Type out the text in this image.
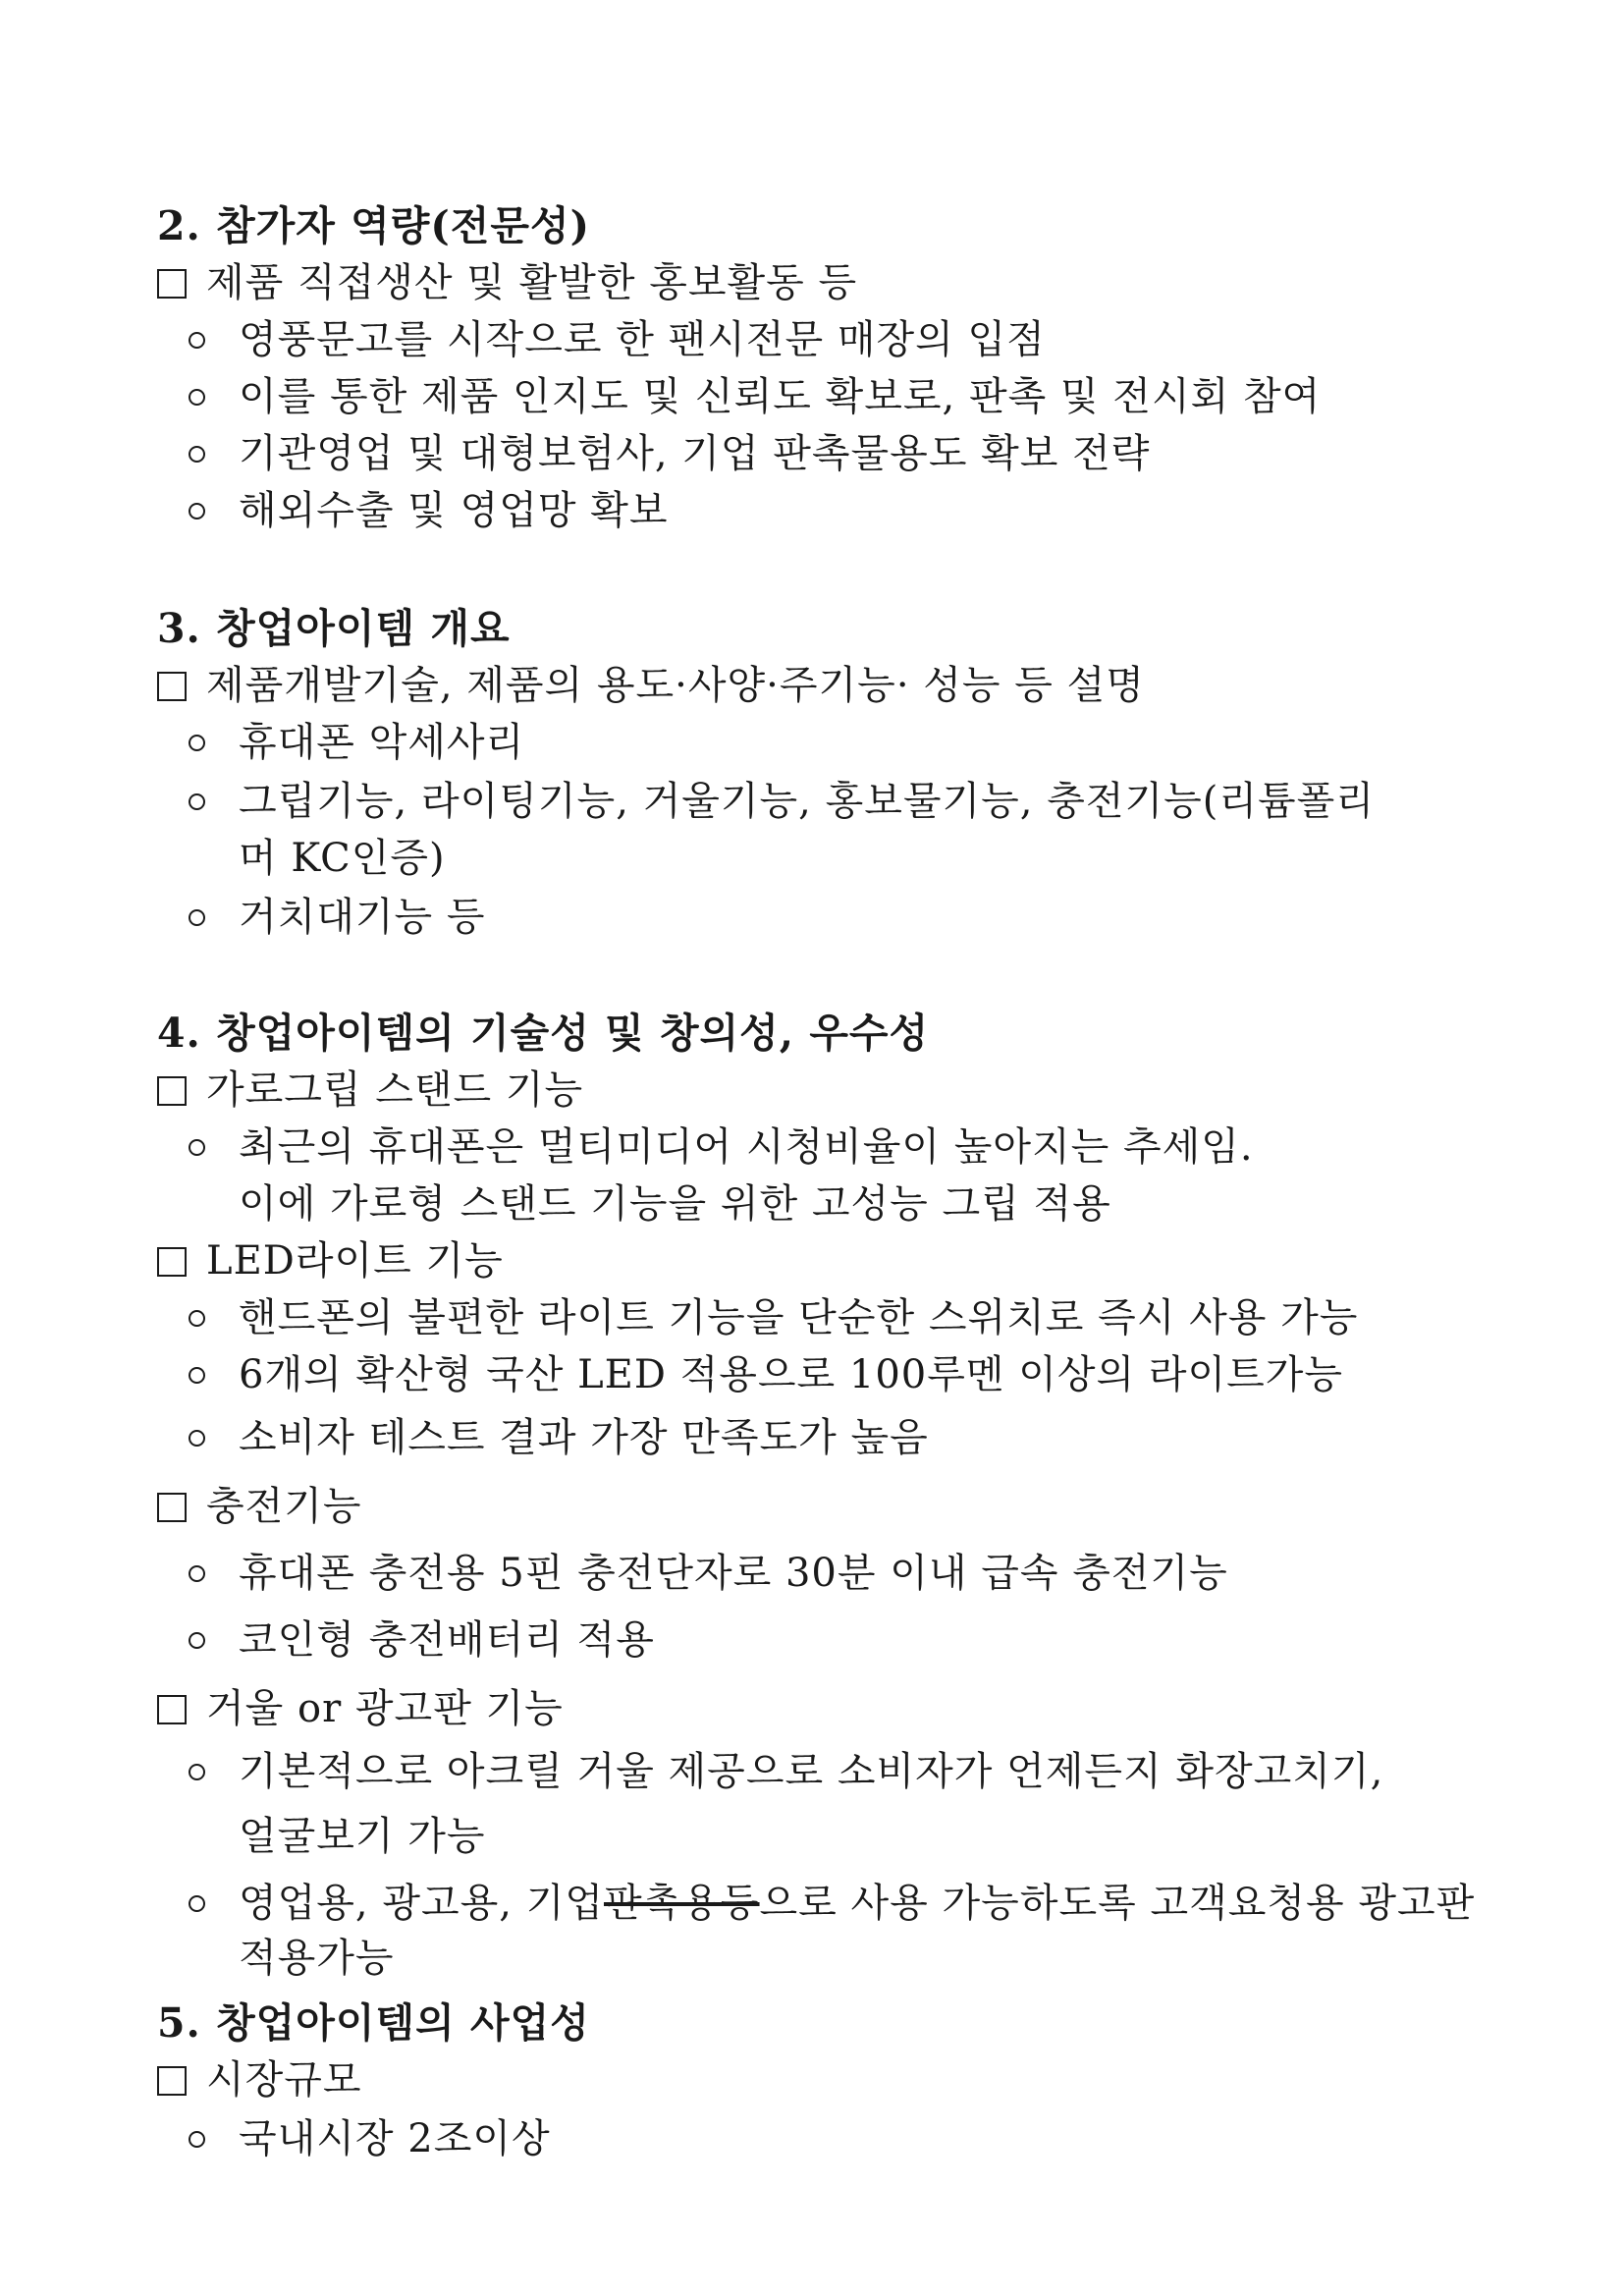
2. 참가자 역량(전문성)
제품 직접생산 및 활발한 홍보활동 등
영풍문고를 시작으로 한 팬시전문 매장의 입점
이를 통한 제품 인지도 및 신뢰도 확보로, 판촉 및 전시회 참여
기관영업 및 대형보험사, 기업 판촉물용도 확보 전략
해외수출 및 영업망 확보
3. 창업아이템 개요
제품개발기술, 제품의 용도·사양·주기능· 성능 등 설명
휴대폰 악세사리
그립기능, 라이팅기능, 거울기능, 홍보물기능, 충전기능(리튬폴리
머 KC인증)
거치대기능 등
4. 창업아이템의 기술성 및 창의성, 우수성
가로그립 스탠드 기능
최근의 휴대폰은 멀티미디어 시청비율이 높아지는 추세임.
이에 가로형 스탠드 기능을 위한 고성능 그립 적용
LED라이트 기능
핸드폰의 불편한 라이트 기능을 단순한 스위치로 즉시 사용 가능
6개의 확산형 국산 LED 적용으로 100루멘 이상의 라이트가능
소비자 테스트 결과 가장 만족도가 높음
충전기능
휴대폰 충전용 5핀 충전단자로 30분 이내 급속 충전기능
코인형 충전배터리 적용
거울 or 광고판 기능
기본적으로 아크릴 거울 제공으로 소비자가 언제든지 화장고치기,
얼굴보기 가능
영업용, 광고용, 기업판촉용등으로 사용 가능하도록 고객요청용 광고판
적용가능
5. 창업아이템의 사업성
시장규모
국내시장 2조이상
